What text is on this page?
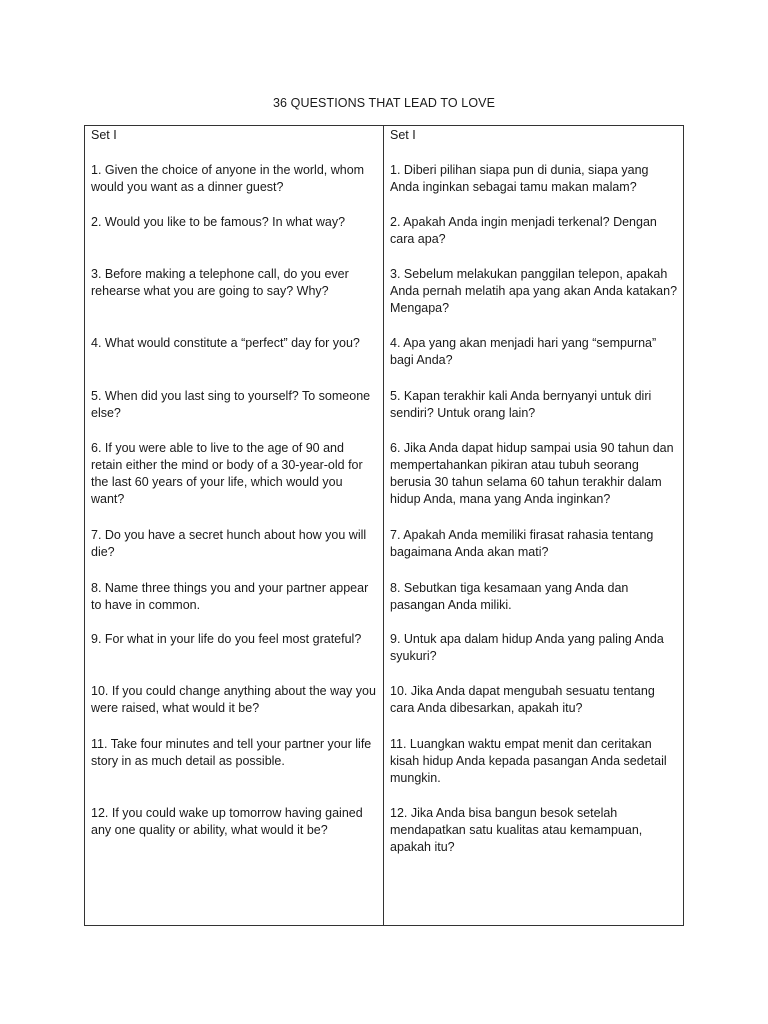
36 QUESTIONS THAT LEAD TO LOVE
Set I
1. Given the choice of anyone in the world, whom would you want as a dinner guest?
2. Would you like to be famous? In what way?
3. Before making a telephone call, do you ever rehearse what you are going to say? Why?
4. What would constitute a “perfect” day for you?
5. When did you last sing to yourself? To someone else?
6. If you were able to live to the age of 90 and retain either the mind or body of a 30-year-old for the last 60 years of your life, which would you want?
7. Do you have a secret hunch about how you will die?
8. Name three things you and your partner appear to have in common.
9. For what in your life do you feel most grateful?
10. If you could change anything about the way you were raised, what would it be?
11. Take four minutes and tell your partner your life story in as much detail as possible.
12. If you could wake up tomorrow having gained any one quality or ability, what would it be?
Set I
1. Diberi pilihan siapa pun di dunia, siapa yang Anda inginkan sebagai tamu makan malam?
2. Apakah Anda ingin menjadi terkenal? Dengan cara apa?
3. Sebelum melakukan panggilan telepon, apakah Anda pernah melatih apa yang akan Anda katakan? Mengapa?
4. Apa yang akan menjadi hari yang “sempurna” bagi Anda?
5. Kapan terakhir kali Anda bernyanyi untuk diri sendiri? Untuk orang lain?
6. Jika Anda dapat hidup sampai usia 90 tahun dan mempertahankan pikiran atau tubuh seorang berusia 30 tahun selama 60 tahun terakhir dalam hidup Anda, mana yang Anda inginkan?
7. Apakah Anda memiliki firasat rahasia tentang bagaimana Anda akan mati?
8. Sebutkan tiga kesamaan yang Anda dan pasangan Anda miliki.
9. Untuk apa dalam hidup Anda yang paling Anda syukuri?
10. Jika Anda dapat mengubah sesuatu tentang cara Anda dibesarkan, apakah itu?
11. Luangkan waktu empat menit dan ceritakan kisah hidup Anda kepada pasangan Anda sedetail mungkin.
12. Jika Anda bisa bangun besok setelah mendapatkan satu kualitas atau kemampuan, apakah itu?
